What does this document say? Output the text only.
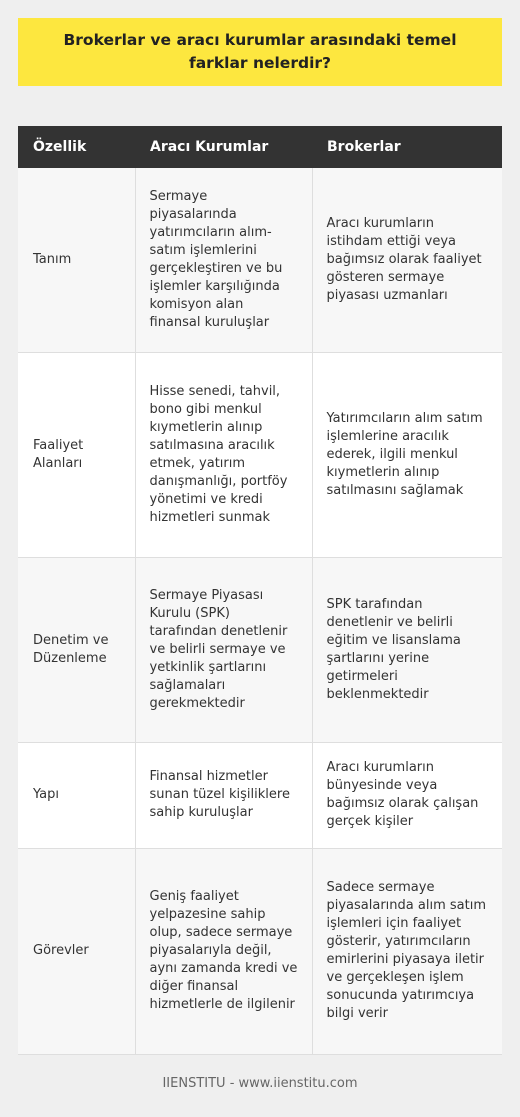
Brokerlar ve aracı kurumlar arasındaki temel farklar nelerdir?
Özellik	Aracı Kurumlar	Brokerlar
Tanım	Sermaye piyasalarında yatırımcıların alım-satım işlemlerini gerçekleştiren ve bu işlemler karşılığında komisyon alan finansal kuruluşlar	Aracı kurumların istihdam ettiği veya bağımsız olarak faaliyet gösteren sermaye piyasası uzmanları
Faaliyet Alanları	Hisse senedi, tahvil, bono gibi menkul kıymetlerin alınıp satılmasına aracılık etmek, yatırım danışmanlığı, portföy yönetimi ve kredi hizmetleri sunmak	Yatırımcıların alım satım işlemlerine aracılık ederek, ilgili menkul kıymetlerin alınıp satılmasını sağlamak
Denetim ve Düzenleme	Sermaye Piyasası Kurulu (SPK) tarafından denetlenir ve belirli sermaye ve yetkinlik şartlarını sağlamaları gerekmektedir	SPK tarafından denetlenir ve belirli eğitim ve lisanslama şartlarını yerine getirmeleri beklenmektedir
Yapı	Finansal hizmetler sunan tüzel kişiliklere sahip kuruluşlar	Aracı kurumların bünyesinde veya bağımsız olarak çalışan gerçek kişiler
Görevler	Geniş faaliyet yelpazesine sahip olup, sadece sermaye piyasalarıyla değil, aynı zamanda kredi ve diğer finansal hizmetlerle de ilgilenir	Sadece sermaye piyasalarında alım satım işlemleri için faaliyet gösterir, yatırımcıların emirlerini piyasaya iletir ve gerçekleşen işlem sonucunda yatırımcıya bilgi verir
IIENSTITU - www.iienstitu.com
